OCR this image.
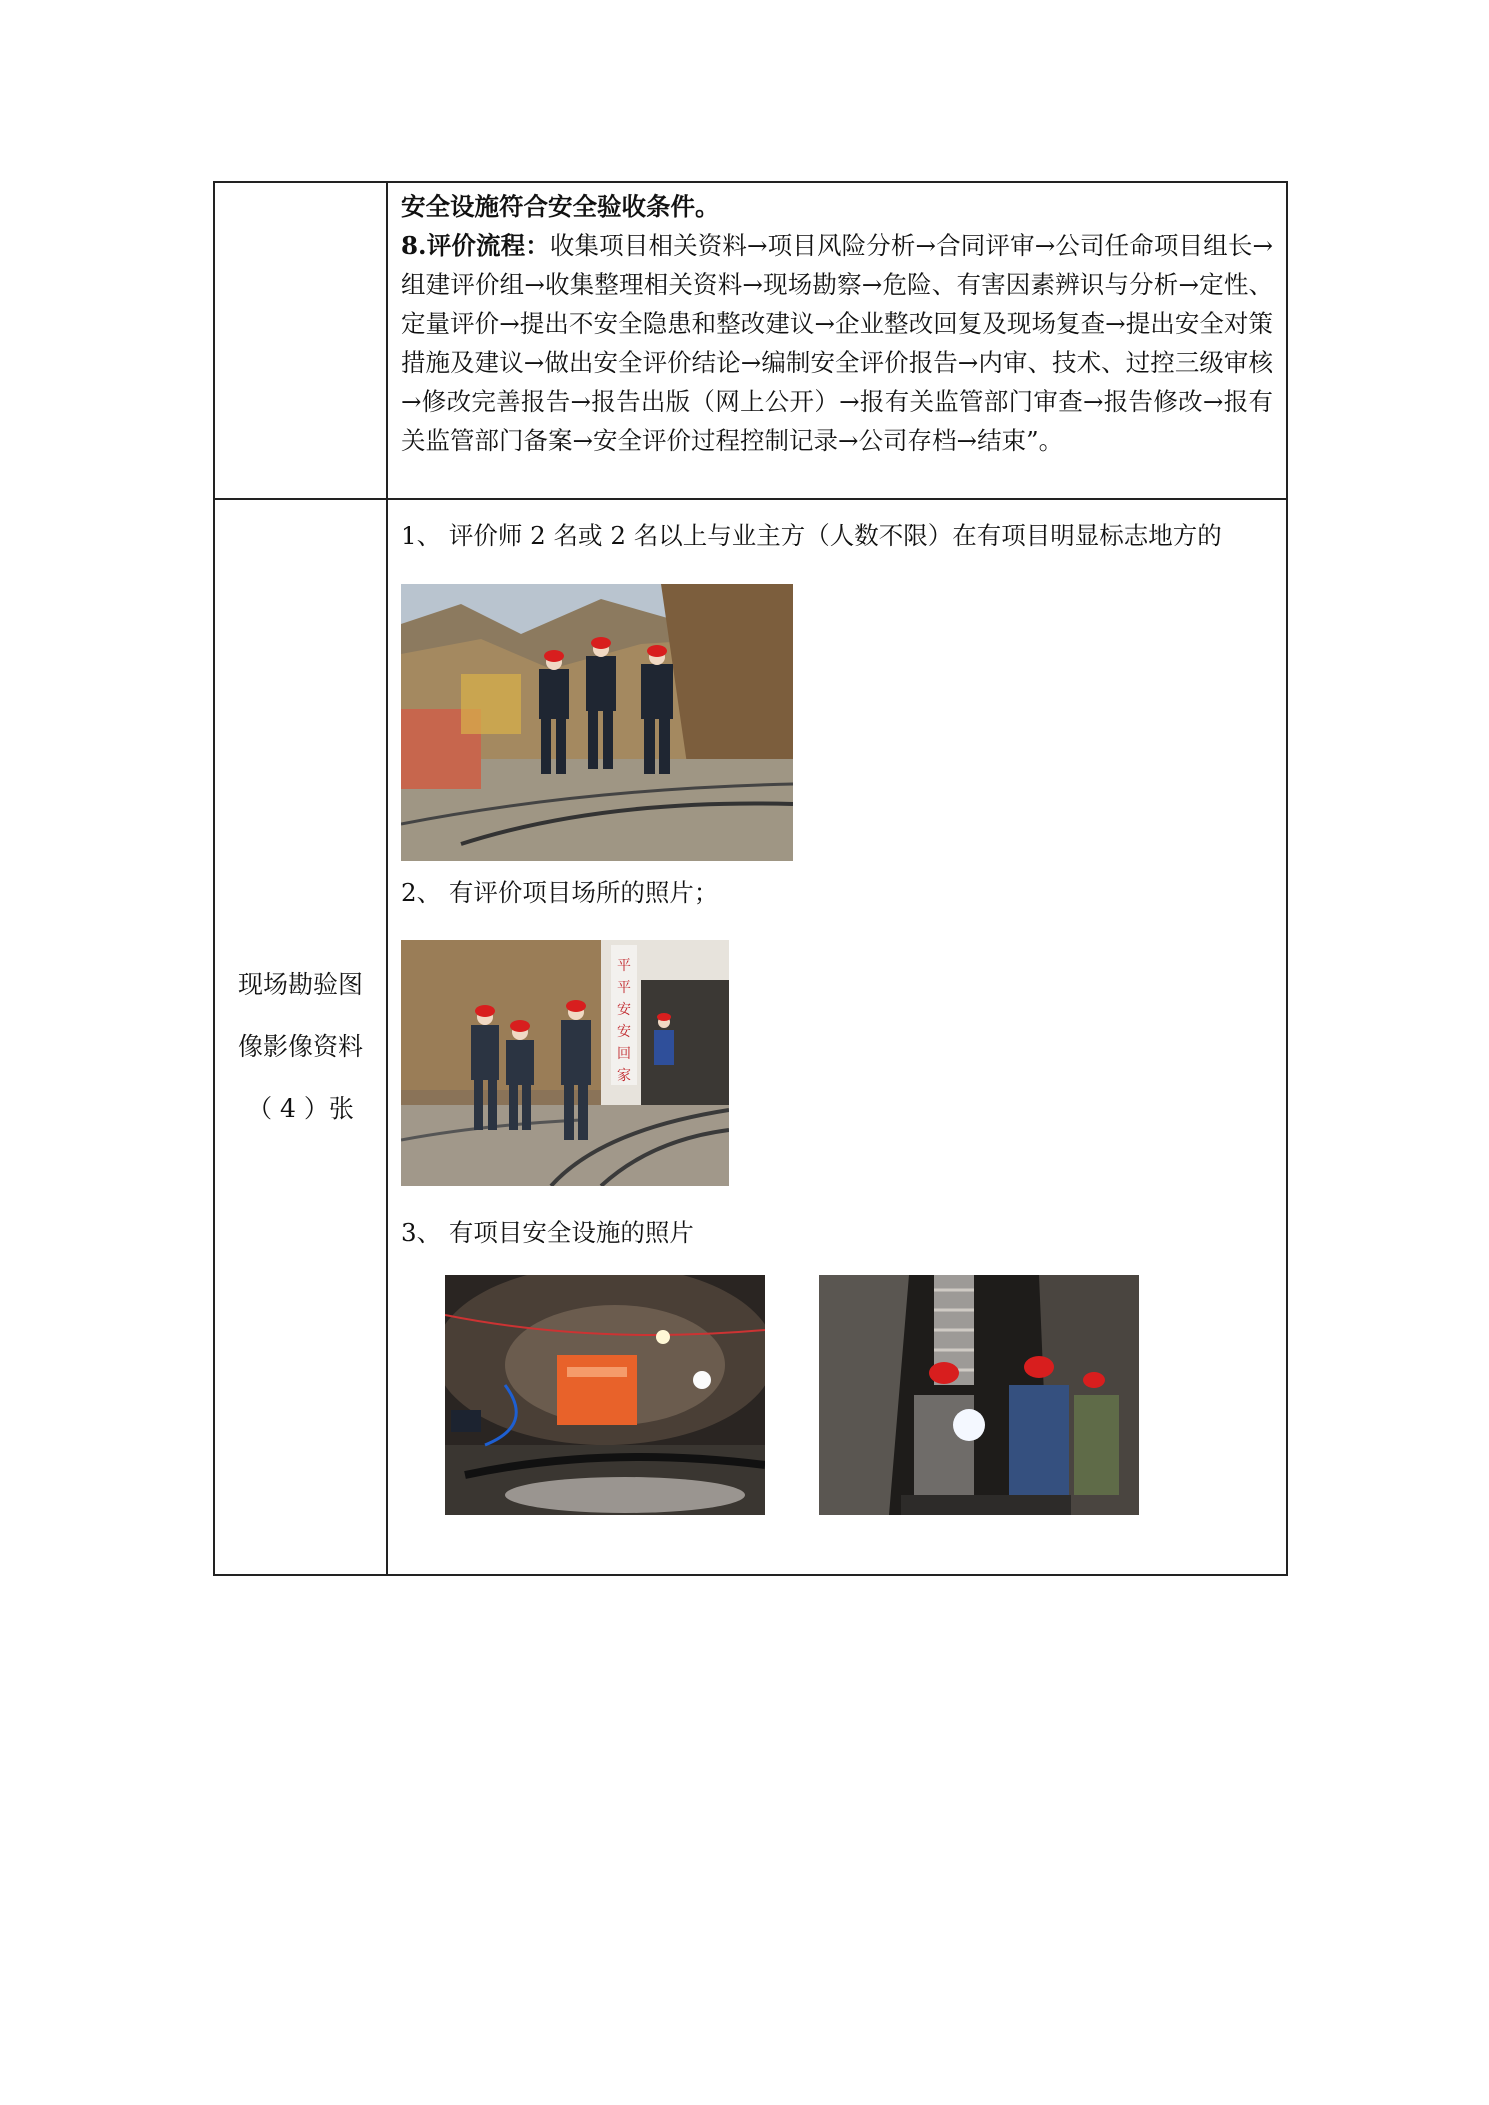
安全设施符合安全验收条件。

8.评价流程：收集项目相关资料→项目风险分析→合同评审→公司任命项目组长→组建评价组→收集整理相关资料→现场勘察→危险、有害因素辨识与分析→定性、定量评价→提出不安全隐患和整改建议→企业整改回复及现场复查→提出安全对策措施及建议→做出安全评价结论→编制安全评价报告→内审、技术、过控三级审核→修改完善报告→报告出版（网上公开）→报有关监管部门审查→报告修改→报有关监管部门备案→安全评价过程控制记录→公司存档→结束”。

现场勘验图
像影像资料
（ 4 ）张
1、 评价师 2 名或 2 名以上与业主方（人数不限）在有项目明显标志地方的
2、 有评价项目场所的照片；
3、 有项目安全设施的照片
平
平
安
安
回
家
